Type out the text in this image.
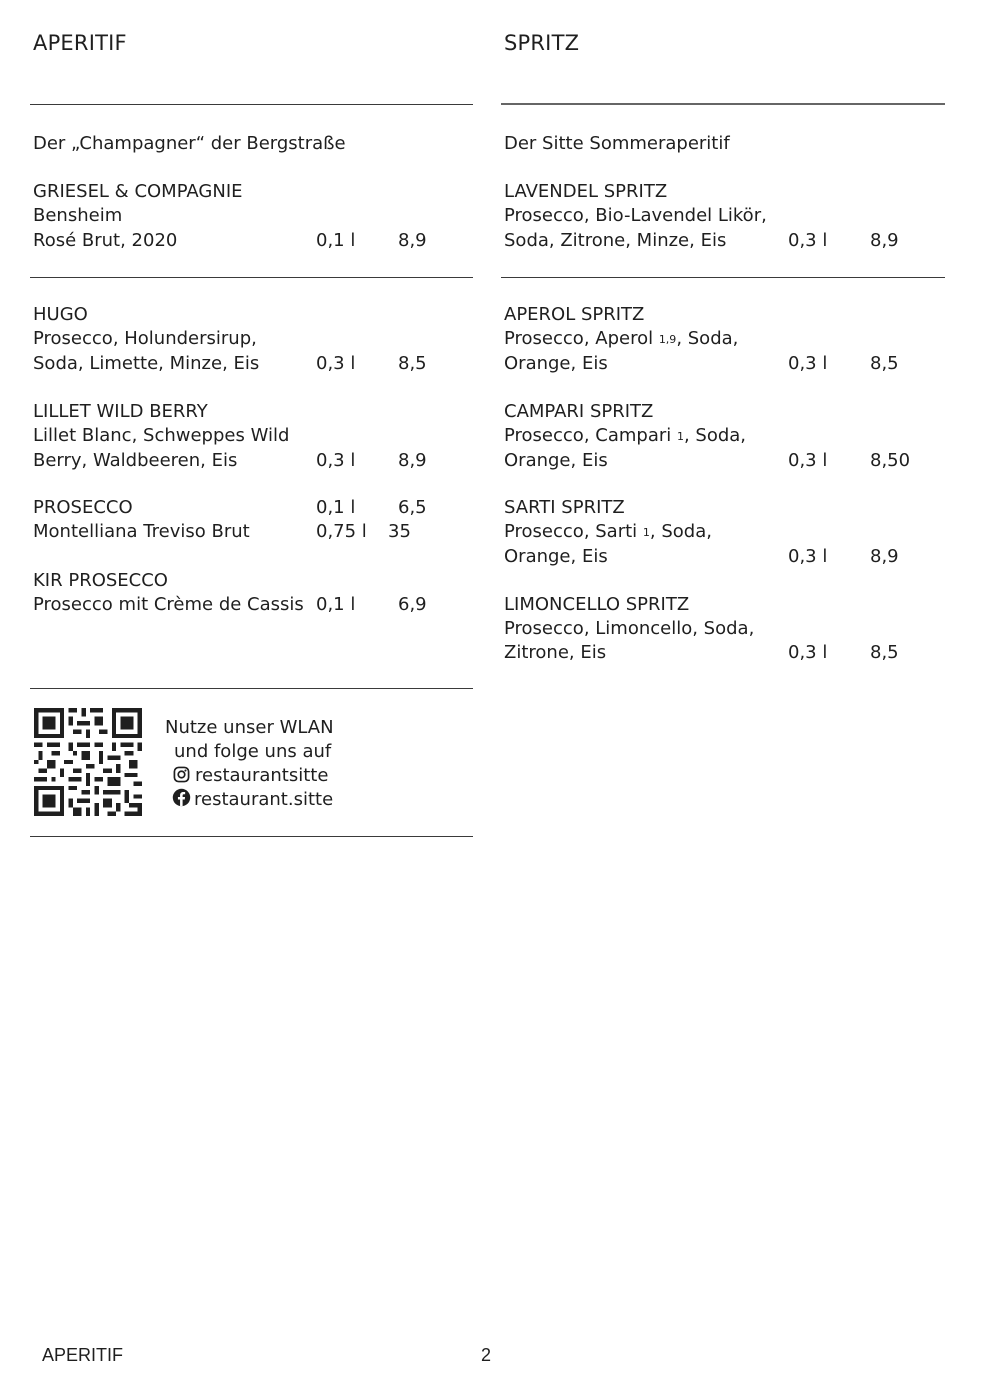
APERITIF
Der „Champagner“ der Bergstraße
GRIESEL & COMPAGNIE
Bensheim
Rosé Brut, 2020	0,1 l 8,9
HUGO
Prosecco, Holundersirup,
Soda, Limette, Minze, Eis	0,3 l 8,5
LILLET WILD BERRY
Lillet Blanc, Schweppes Wild
Berry, Waldbeeren, Eis	0,3 l 8,9
PROSECCO	0,1 l 6,5
Montelliana Treviso Brut	0,75 l 35
KIR PROSECCO
Prosecco mit Crème de Cassis 0,1 l 6,9
Nutze unser WLAN
und folge uns auf
restaurantsitte
restaurant.sitte
SPRITZ
Der Sitte Sommeraperitif
LAVENDEL SPRITZ
Prosecco, Bio-Lavendel Likör,
Soda, Zitrone, Minze, Eis	0,3 l 8,9
APEROL SPRITZ
Prosecco, Aperol 1,9, Soda,
Orange, Eis	0,3 l 8,5
CAMPARI SPRITZ
Prosecco, Campari 1, Soda,
Orange, Eis	0,3 l 8,50
SARTI SPRITZ
Prosecco, Sarti 1, Soda,
Orange, Eis	0,3 l 8,9
LIMONCELLO SPRITZ
Prosecco, Limoncello, Soda,
Zitrone, Eis	0,3 l 8,5
APERITIF	2
